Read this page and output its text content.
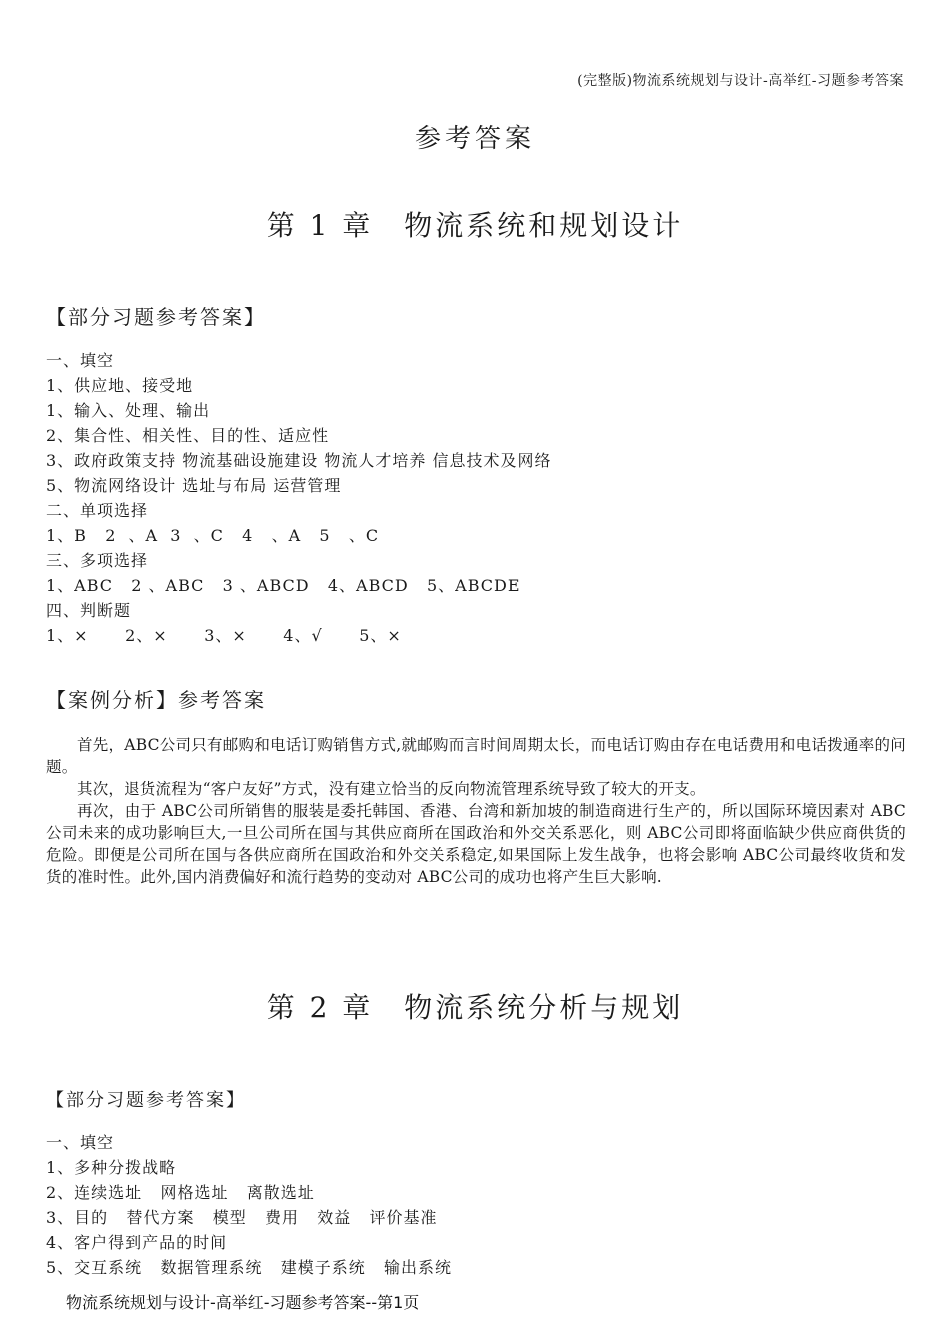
(完整版)物流系统规划与设计-高举红-习题参考答案
参考答案
第 1 章　物流系统和规划设计
【部分习题参考答案】
一、填空
1、供应地、接受地
1、输入、处理、输出
2、集合性、相关性、目的性、适应性
3、政府政策支持 物流基础设施建设 物流人才培养 信息技术及网络
5、物流网络设计 选址与布局 运营管理
二、单项选择
1、B   2  、A  3  、C   4   、A   5   、C
三、多项选择
1、ABC   2 、ABC   3 、ABCD   4、ABCD   5、ABCDE
四、判断题
1、×      2、×      3、×      4、√      5、×
【案例分析】参考答案

首先，ABC公司只有邮购和电话订购销售方式,就邮购而言时间周期太长，而电话订购由存在电话费用和电话拨通率的问题。

其次，退货流程为“客户友好”方式，没有建立恰当的反向物流管理系统导致了较大的开支。

再次，由于 ABC公司所销售的服装是委托韩国、香港、台湾和新加坡的制造商进行生产的，所以国际环境因素对 ABC公司未来的成功影响巨大,一旦公司所在国与其供应商所在国政治和外交关系恶化，则 ABC公司即将面临缺少供应商供货的危险。即便是公司所在国与各供应商所在国政治和外交关系稳定,如果国际上发生战争，也将会影响 ABC公司最终收货和发货的准时性。此外,国内消费偏好和流行趋势的变动对 ABC公司的成功也将产生巨大影响.

第 2 章　物流系统分析与规划
【部分习题参考答案】
一、填空
1、多种分拨战略
2、连续选址   网格选址   离散选址
3、目的   替代方案   模型   费用   效益   评价基准
4、客户得到产品的时间
5、交互系统   数据管理系统   建模子系统   输出系统
物流系统规划与设计-高举红-习题参考答案--第1页
